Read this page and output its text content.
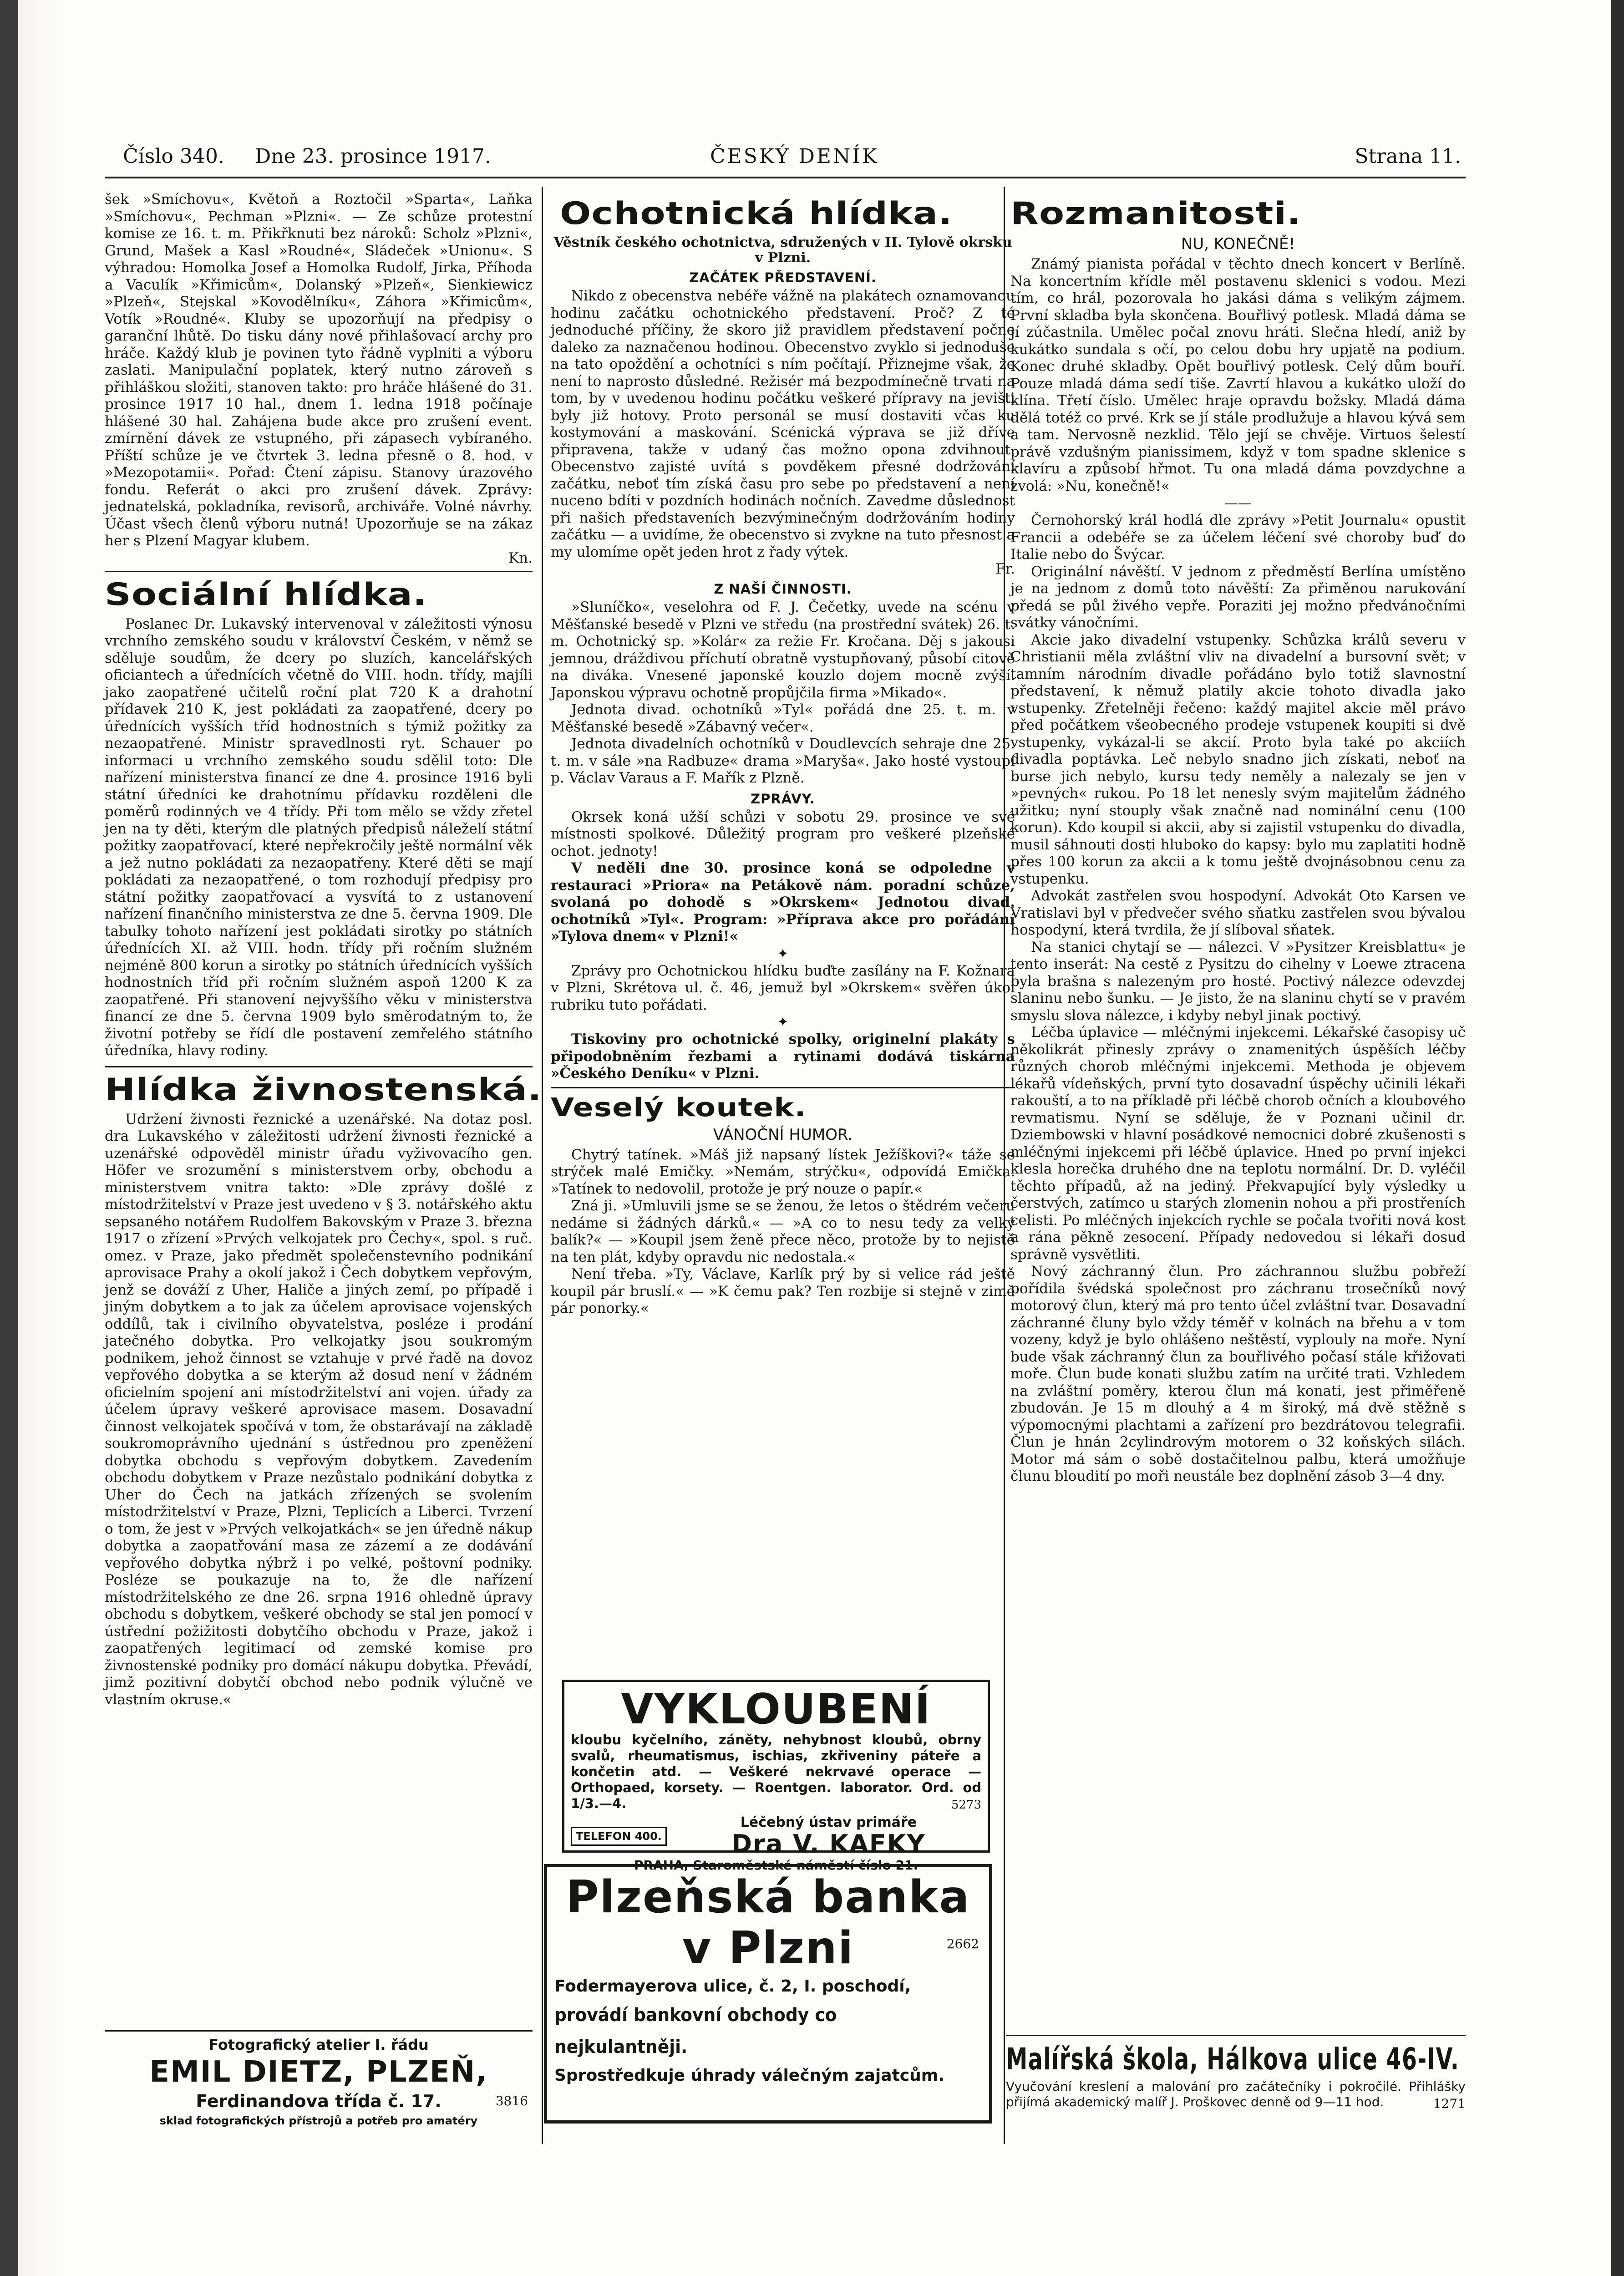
Číslo 340. Dne 23. prosince 1917.	ČESKÝ DENÍK	Strana 11.

šek »Smíchovu«, Květoň a Roztočil »Sparta«, Laňka »Smíchovu«, Pechman »Plzni«. — Ze schůze protestní komise ze 16. t. m. Přikřknuti bez nároků: Scholz »Plzni«, Grund, Mašek a Kasl »Roudné«, Sládeček »Unionu«. S výhradou: Homolka Josef a Homolka Rudolf, Jirka, Příhoda a Vaculík »Křimicům«, Dolanský »Plzeň«, Sienkiewicz »Plzeň«, Stejskal »Kovodělníku«, Záhora »Křimicům«, Votík »Roudné«. Kluby se upozorňují na předpisy o garanční lhůtě. Do tisku dány nové přihlašovací archy pro hráče. Každý klub je povinen tyto řádně vyplniti a výboru zaslati. Manipulační poplatek, který nutno zároveň s přihláškou složiti, stanoven takto: pro hráče hlášené do 31. prosince 1917 10 hal., dnem 1. ledna 1918 počínaje hlášené 30 hal. Zahájena bude akce pro zrušení event. zmírnění dávek ze vstupného, při zápasech vybíraného. Příští schůze je ve čtvrtek 3. ledna přesně o 8. hod. v »Mezopotamii«. Pořad: Čtení zápisu. Stanovy úrazového fondu. Referát o akci pro zrušení dávek. Zprávy: jednatelská, pokladníka, revisorů, archiváře. Volné návrhy. Účast všech členů výboru nutná! Upozorňuje se na zákaz her s Plzení Magyar klubem.

Kn.
Sociální hlídka.

Poslanec Dr. Lukavský intervenoval v záležitosti výnosu vrchního zemského soudu v království Českém, v němž se sděluje soudům, že dcery po sluzích, kancelářských oficiantech a úřednících včetně do VIII. hodn. třídy, majíli jako zaopatřené učitelů roční plat 720 K a drahotní přídavek 210 K, jest pokládati za zaopatřené, dcery po úřednících vyšších tříd hodnostních s týmiž požitky za nezaopatřené. Ministr spravedlnosti ryt. Schauer po informaci u vrchního zemského soudu sdělil toto: Dle nařízení ministerstva financí ze dne 4. prosince 1916 byli státní úředníci ke drahotnímu přídavku rozděleni dle poměrů rodinných ve 4 třídy. Při tom mělo se vždy zřetel jen na ty děti, kterým dle platných předpisů náleželí státní požitky zaopatřovací, které nepřekročily ještě normální věk a jež nutno pokládati za nezaopatřeny. Které děti se mají pokládati za nezaopatřené, o tom rozhodují předpisy pro státní požitky zaopatřovací a vysvítá to z ustanovení nařízení finančního ministerstva ze dne 5. června 1909. Dle tabulky tohoto nařízení jest pokládati sirotky po státních úřednících XI. až VIII. hodn. třídy při ročním služném nejméně 800 korun a sirotky po státních úřednících vyšších hodnostních tříd při ročním služném aspoň 1200 K za zaopatřené. Při stanovení nejvyššího věku v ministerstva financí ze dne 5. června 1909 bylo směrodatným to, že životní potřeby se řídí dle postavení zemřelého státního úředníka, hlavy rodiny.

Hlídka živnostenská.

Udržení živnosti řeznické a uzenářské. Na dotaz posl. dra Lukavského v záležitosti udržení živnosti řeznické a uzenářské odpověděl ministr úřadu vyživovacího gen. Höfer ve srozumění s ministerstvem orby, obchodu a ministerstvem vnitra takto: »Dle zprávy došlé z místodržitelství v Praze jest uvedeno v § 3. notářského aktu sepsaného notářem Rudolfem Bakovským v Praze 3. března 1917 o zřízení »Prvých velkojatek pro Čechy«, spol. s ruč. omez. v Praze, jako předmět společenstevního podnikání aprovisace Prahy a okolí jakož i Čech dobytkem vepřovým, jenž se dováží z Uher, Haliče a jiných zemí, po případě i jiným dobytkem a to jak za účelem aprovisace vojenských oddílů, tak i civilního obyvatelstva, posléze i prodání jatečného dobytka. Pro velkojatky jsou soukromým podnikem, jehož činnost se vztahuje v prvé řadě na dovoz vepřového dobytka a se kterým až dosud není v žádném oficielním spojení ani místodržitelství ani vojen. úřady za účelem úpravy veškeré aprovisace masem. Dosavadní činnost velkojatek spočívá v tom, že obstarávají na základě soukromoprávního ujednání s ústřednou pro zpeněžení dobytka obchodu s vepřovým dobytkem. Zavedením obchodu dobytkem v Praze nezůstalo podnikání dobytka z Uher do Čech na jatkách zřízených se svolením místodržitelství v Praze, Plzni, Teplicích a Liberci. Tvrzení o tom, že jest v »Prvých velkojatkách« se jen úředně nákup dobytka a zaopatřování masa ze zázemí a ze dodávání vepřového dobytka nýbrž i po velké, poštovní podniky. Posléze se poukazuje na to, že dle nařízení místodržitelského ze dne 26. srpna 1916 ohledně úpravy obchodu s dobytkem, veškeré obchody se stal jen pomocí v ústřední požižitosti dobytčího obchodu v Praze, jakož i zaopatřených legitimací od zemské komise pro živnostenské podniky pro domácí nákupu dobytka. Převádí, jimž pozitivní dobytčí obchod nebo podnik výlučně ve vlastním okruse.«

Fotografický atelier I. řádu
EMIL DIETZ, PLZEŇ,
Ferdinandova třída č. 17.	3816
sklad fotografických přístrojů a potřeb pro amatéry
Ochotnická hlídka.
Věstník českého ochotnictva, sdružených v II. Tylově okrsku v Plzni.
ZAČÁTEK PŘEDSTAVENÍ.

Nikdo z obecenstva nebéře vážně na plakátech oznamovanou hodinu začátku ochotnického představení. Proč? Z té jednoduché příčiny, že skoro již pravidlem představení počne daleko za naznačenou hodinou. Obecenstvo zvyklo si jednoduše na tato opoždění a ochotníci s ním počítají. Přiznejme však, že není to naprosto důsledné. Režisér má bezpodmínečně trvati na tom, by v uvedenou hodinu počátku veškeré přípravy na jevišti byly již hotovy. Proto personál se musí dostaviti včas ku kostymování a maskování. Scénická výprava se již dříve připravena, takže v udaný čas možno opona zdvihnout. Obecenstvo zajisté uvítá s povděkem přesné dodržování začátku, neboť tím získá času pro sebe po představení a není nuceno bdíti v pozdních hodinách nočních. Zavedme důslednost při našich představeních bezvýminečným dodržováním hodiny začátku — a uvidíme, že obecenstvo si zvykne na tuto přesnost a my ulomíme opět jeden hrot z řady výtek.

Fr.
Z NAŠÍ ČINNOSTI.

»Sluníčko«, veselohra od F. J. Čečetky, uvede na scénu v Měšťanské besedě v Plzni ve středu (na prostřední svátek) 26. t. m. Ochotnický sp. »Kolár« za režie Fr. Kročana. Děj s jakousi jemnou, dráždivou příchutí obratně vystupňovaný, působí citově na diváka. Vnesené japonské kouzlo dojem mocně zvýší. Japonskou výpravu ochotně propůjčila firma »Mikado«.

Jednota divad. ochotníků »Tyl« pořádá dne 25. t. m. v Měšťanské besedě »Zábavný večer«.

Jednota divadelních ochotníků v Doudlevcích sehraje dne 25. t. m. v sále »na Radbuze« drama »Maryša«. Jako hosté vystoupí p. Václav Varaus a F. Mařík z Plzně.

ZPRÁVY.

Okrsek koná užší schůzi v sobotu 29. prosince ve své místnosti spolkové. Důležitý program pro veškeré plzeňské ochot. jednoty!

V neděli dne 30. prosince koná se odpoledne v restauraci »Priora« na Petákově nám. poradní schůze, svolaná po dohodě s »Okrskem« Jednotou divad. ochotníků »Tyl«. Program: »Příprava akce pro pořádání »Tylova dnem« v Plzni!«

✦

Zprávy pro Ochotnickou hlídku buďte zasílány na F. Kožnara v Plzni, Skrétova ul. č. 46, jemuž byl »Okrskem« svěřen úkol rubriku tuto pořádati.

✦

Tiskoviny pro ochotnické spolky, originelní plakáty s připodobněním řezbami a rytinami dodává tiskárna »Českého Deníku« v Plzni.

Veselý koutek.
VÁNOČNÍ HUMOR.

Chytrý tatínek. »Máš již napsaný lístek Ježíškovi?« táže se strýček malé Emičky. »Nemám, strýčku«, odpovídá Emička. »Tatínek to nedovolil, protože je prý nouze o papír.«

Zná ji. »Umluvili jsme se se ženou, že letos o štědrém večeru nedáme si žádných dárků.« — »A co to nesu tedy za velký balík?« — »Koupil jsem ženě přece něco, protože by to nejistě na ten plát, kdyby opravdu nic nedostala.«

Není třeba. »Ty, Václave, Karlík prý by si velice rád ještě koupil pár bruslí.« — »K čemu pak? Ten rozbije si stejně v zimě pár ponorky.«

VYKLOUBENÍ
kloubu kyčelního, záněty, nehybnost kloubů, obrny svalů, rheumatismus, ischias, zkřiveniny páteře a končetin atd. — Veškeré nekrvavé operace — Orthopaed, korsety. — Roentgen. laborator. Ord. od 1/3.—4.	5273
TELEFON 400.
Léčebný ústav primáře
Dra V. KAFKY
PRAHA, Staroměstské náměstí číslo 21.
Plzeňská banka
v Plzni	2662
Fodermayerova ulice, č. 2, I. poschodí,
provádí bankovní obchody co nejkulantněji.
Sprostředkuje úhrady válečným zajatcům.
Rozmanitosti.
NU, KONEČNĚ!

Známý pianista pořádal v těchto dnech koncert v Berlíně. Na koncertním křídle měl postavenu sklenici s vodou. Mezi tím, co hrál, pozorovala ho jakási dáma s velikým zájmem. První skladba byla skončena. Bouřlivý potlesk. Mladá dáma se jí zúčastnila. Umělec počal znovu hráti. Slečna hledí, aniž by kukátko sundala s očí, po celou dobu hry upjatě na podium. Konec druhé skladby. Opět bouřlivý potlesk. Celý dům bouří. Pouze mladá dáma sedí tiše. Zavrtí hlavou a kukátko uloží do klína. Třetí číslo. Umělec hraje opravdu božsky. Mladá dáma dělá totéž co prvé. Krk se jí stále prodlužuje a hlavou kývá sem a tam. Nervosně nezklid. Tělo její se chvěje. Virtuos šelestí právě vzdušným pianissimem, když v tom spadne sklenice s klavíru a způsobí hřmot. Tu ona mladá dáma povzdychne a zvolá: »Nu, konečně!«

——

Černohorský král hodlá dle zprávy »Petit Journalu« opustit Francii a odebéře se za účelem léčení své choroby buď do Italie nebo do Švýcar.

Originální návěští. V jednom z předměstí Berlína umístěno je na jednom z domů toto návěští: Za přiměnou narukování předá se půl živého vepře. Poraziti jej možno předvánočními svátky vánočními.

Akcie jako divadelní vstupenky. Schůzka králů severu v Christianii měla zvláštní vliv na divadelní a bursovní svět; v tamním národním divadle pořádáno bylo totiž slavnostní představení, k němuž platily akcie tohoto divadla jako vstupenky. Zřetelněji řečeno: každý majitel akcie měl právo před počátkem všeobecného prodeje vstupenek koupiti si dvě vstupenky, vykázal-li se akcií. Proto byla také po akciích divadla poptávka. Leč nebylo snadno jich získati, neboť na burse jich nebylo, kursu tedy neměly a nalezaly se jen v »pevných« rukou. Po 18 let nenesly svým majitelům žádného užitku; nyní stouply však značně nad nominální cenu (100 korun). Kdo koupil si akcii, aby si zajistil vstupenku do divadla, musil sáhnouti dosti hluboko do kapsy: bylo mu zaplatiti hodně přes 100 korun za akcii a k tomu ještě dvojnásobnou cenu za vstupenku.

Advokát zastřelen svou hospodyní. Advokát Oto Karsen ve Vratislavi byl v předvečer svého sňatku zastřelen svou bývalou hospodyní, která tvrdila, že jí slíboval sňatek.

Na stanici chytají se — nálezci. V »Pysitzer Kreisblattu« je tento inserát: Na cestě z Pysitzu do cihelny v Loewe ztracena byla brašna s nalezeným pro hosté. Poctivý nálezce odevzdej slaninu nebo šunku. — Je jisto, že na slaninu chytí se v pravém smyslu slova nálezce, i kdyby nebyl jinak poctivý.

Léčba úplavice — mléčnými injekcemi. Lékařské časopisy uč několikrát přinesly zprávy o znamenitých úspěších léčby různých chorob mléčnými injekcemi. Methoda je objevem lékařů vídeňských, první tyto dosavadní úspěchy učinili lékaři rakouští, a to na příkladě při léčbě chorob očních a kloubového revmatismu. Nyní se sděluje, že v Poznani učinil dr. Dziembowski v hlavní posádkové nemocnici dobré zkušenosti s mléčnými injekcemi při léčbě úplavice. Hned po první injekci klesla horečka druhého dne na teplotu normální. Dr. D. vyléčil těchto případů, až na jediný. Překvapující byly výsledky u čerstvých, zatímco u starých zlomenin nohou a při prostřeních celisti. Po mléčných injekcích rychle se počala tvořiti nová kost a rána pěkně zesocení. Případy nedovedou si lékaři dosud správně vysvětliti.

Nový záchranný člun. Pro záchrannou službu pobřeží pořídila švédská společnost pro záchranu trosečníků nový motorový člun, který má pro tento účel zvláštní tvar. Dosavadní záchranné čluny bylo vždy téměř v kolnách na břehu a v tom vozeny, když je bylo ohlášeno neštěstí, vyplouly na moře. Nyní bude však záchranný člun za bouřlivého počasí stále křižovati moře. Člun bude konati službu zatím na určité trati. Vzhledem na zvláštní poměry, kterou člun má konati, jest přiměřeně zbudován. Je 15 m dlouhý a 4 m široký, má dvě stěžně s výpomocnými plachtami a zařízení pro bezdrátovou telegrafii. Člun je hnán 2cylindrovým motorem o 32 koňských silách. Motor má sám o sobě dostačitelnou palbu, která umožňuje člunu bloudití po moři neustále bez doplnění zásob 3—4 dny.

Malířská škola, Hálkova ulice 46-IV.
Vyučování kreslení a malování pro začátečníky i pokročilé. Přihlášky přijímá akademický malíř J. Proškovec denně od 9—11 hod.	1271
